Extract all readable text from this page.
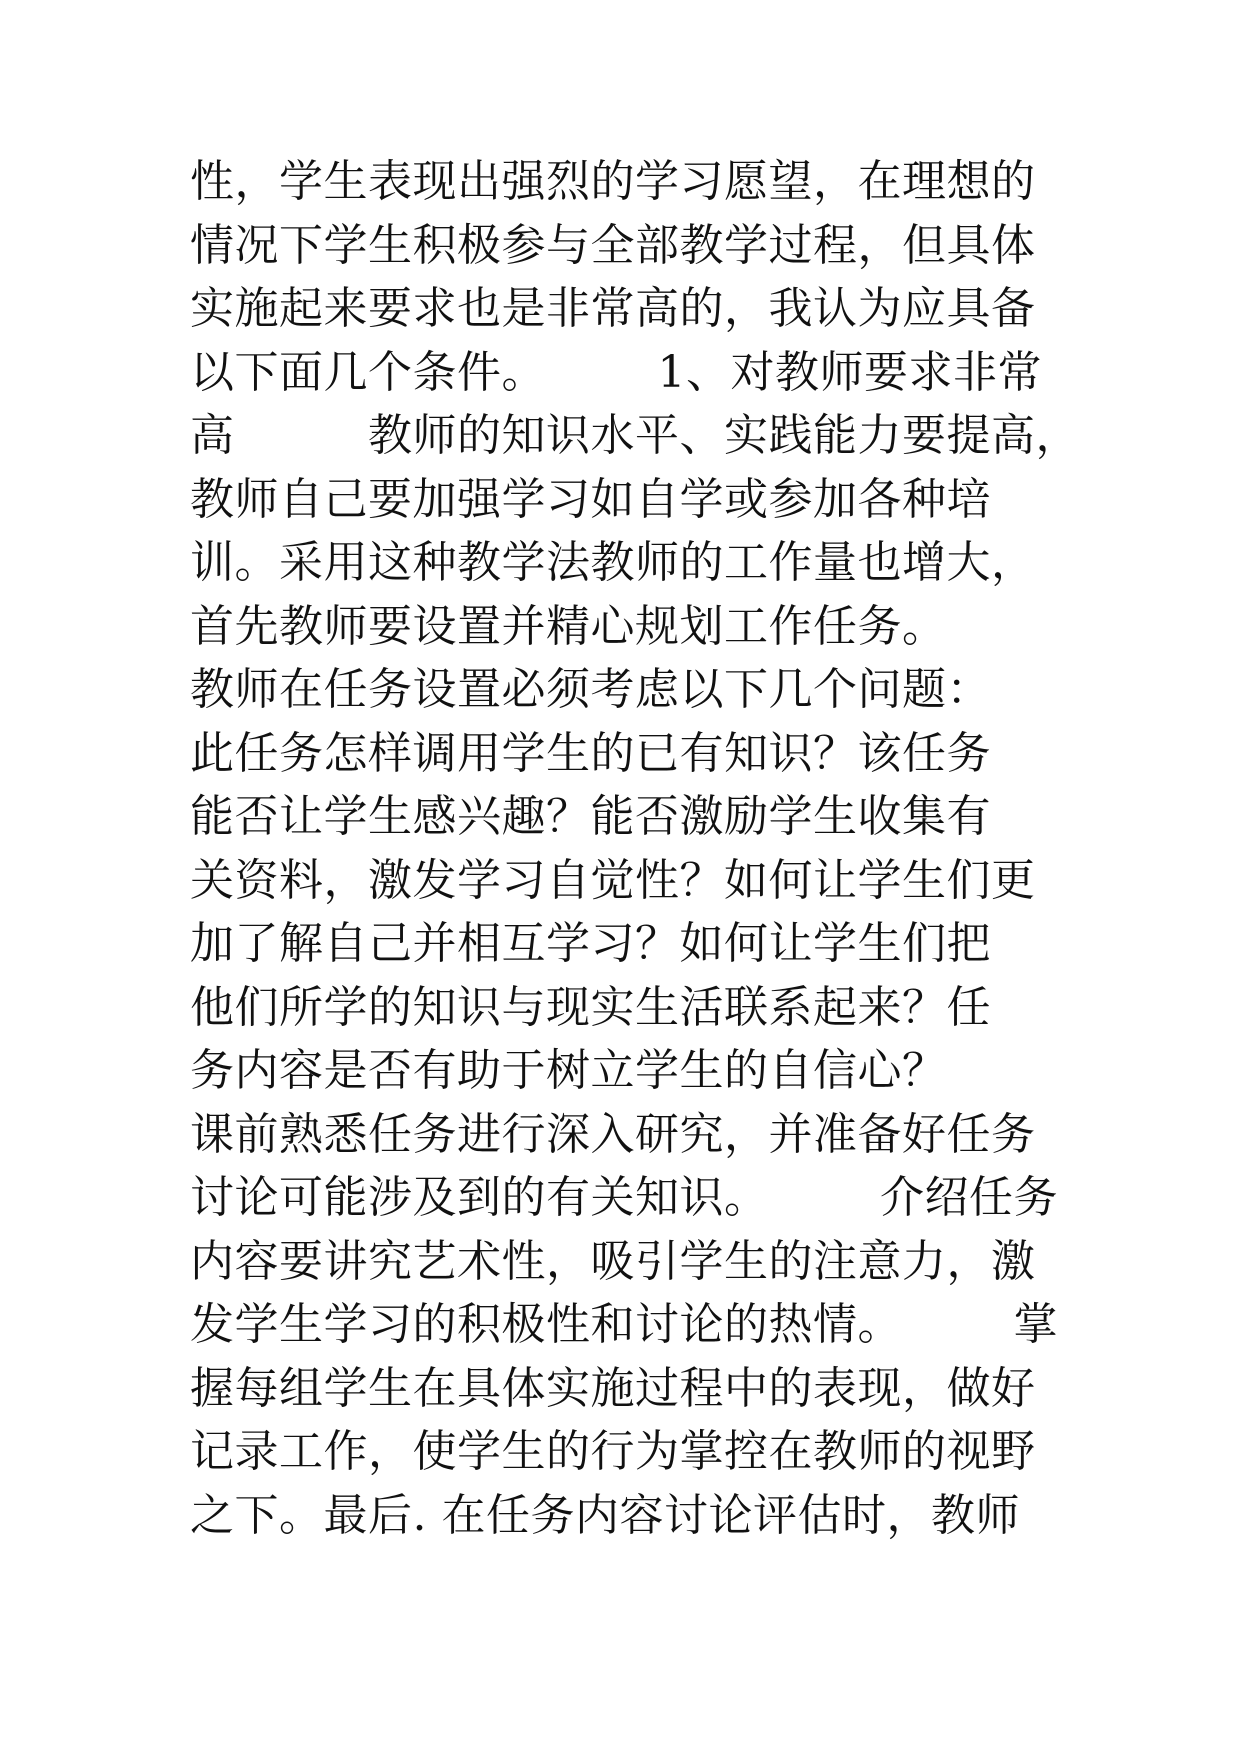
性，学生表现出强烈的学习愿望，在理想的
情况下学生积极参与全部教学过程，但具体
实施起来要求也是非常高的，我认为应具备
以下面几个条件。　　　1、对教师要求非常
高　　　教师的知识水平、实践能力要提高，
教师自己要加强学习如自学或参加各种培
训。采用这种教学法教师的工作量也增大，
首先教师要设置并精心规划工作任务。
教师在任务设置必须考虑以下几个问题：
此任务怎样调用学生的已有知识？该任务
能否让学生感兴趣？能否激励学生收集有
关资料，激发学习自觉性？如何让学生们更
加了解自己并相互学习？如何让学生们把
他们所学的知识与现实生活联系起来？任
务内容是否有助于树立学生的自信心？
课前熟悉任务进行深入研究，并准备好任务
讨论可能涉及到的有关知识。　　　介绍任务
内容要讲究艺术性，吸引学生的注意力，激
发学生学习的积极性和讨论的热情。　　　掌
握每组学生在具体实施过程中的表现，做好
记录工作，使学生的行为掌控在教师的视野
之下。最后. 在任务内容讨论评估时，教师
